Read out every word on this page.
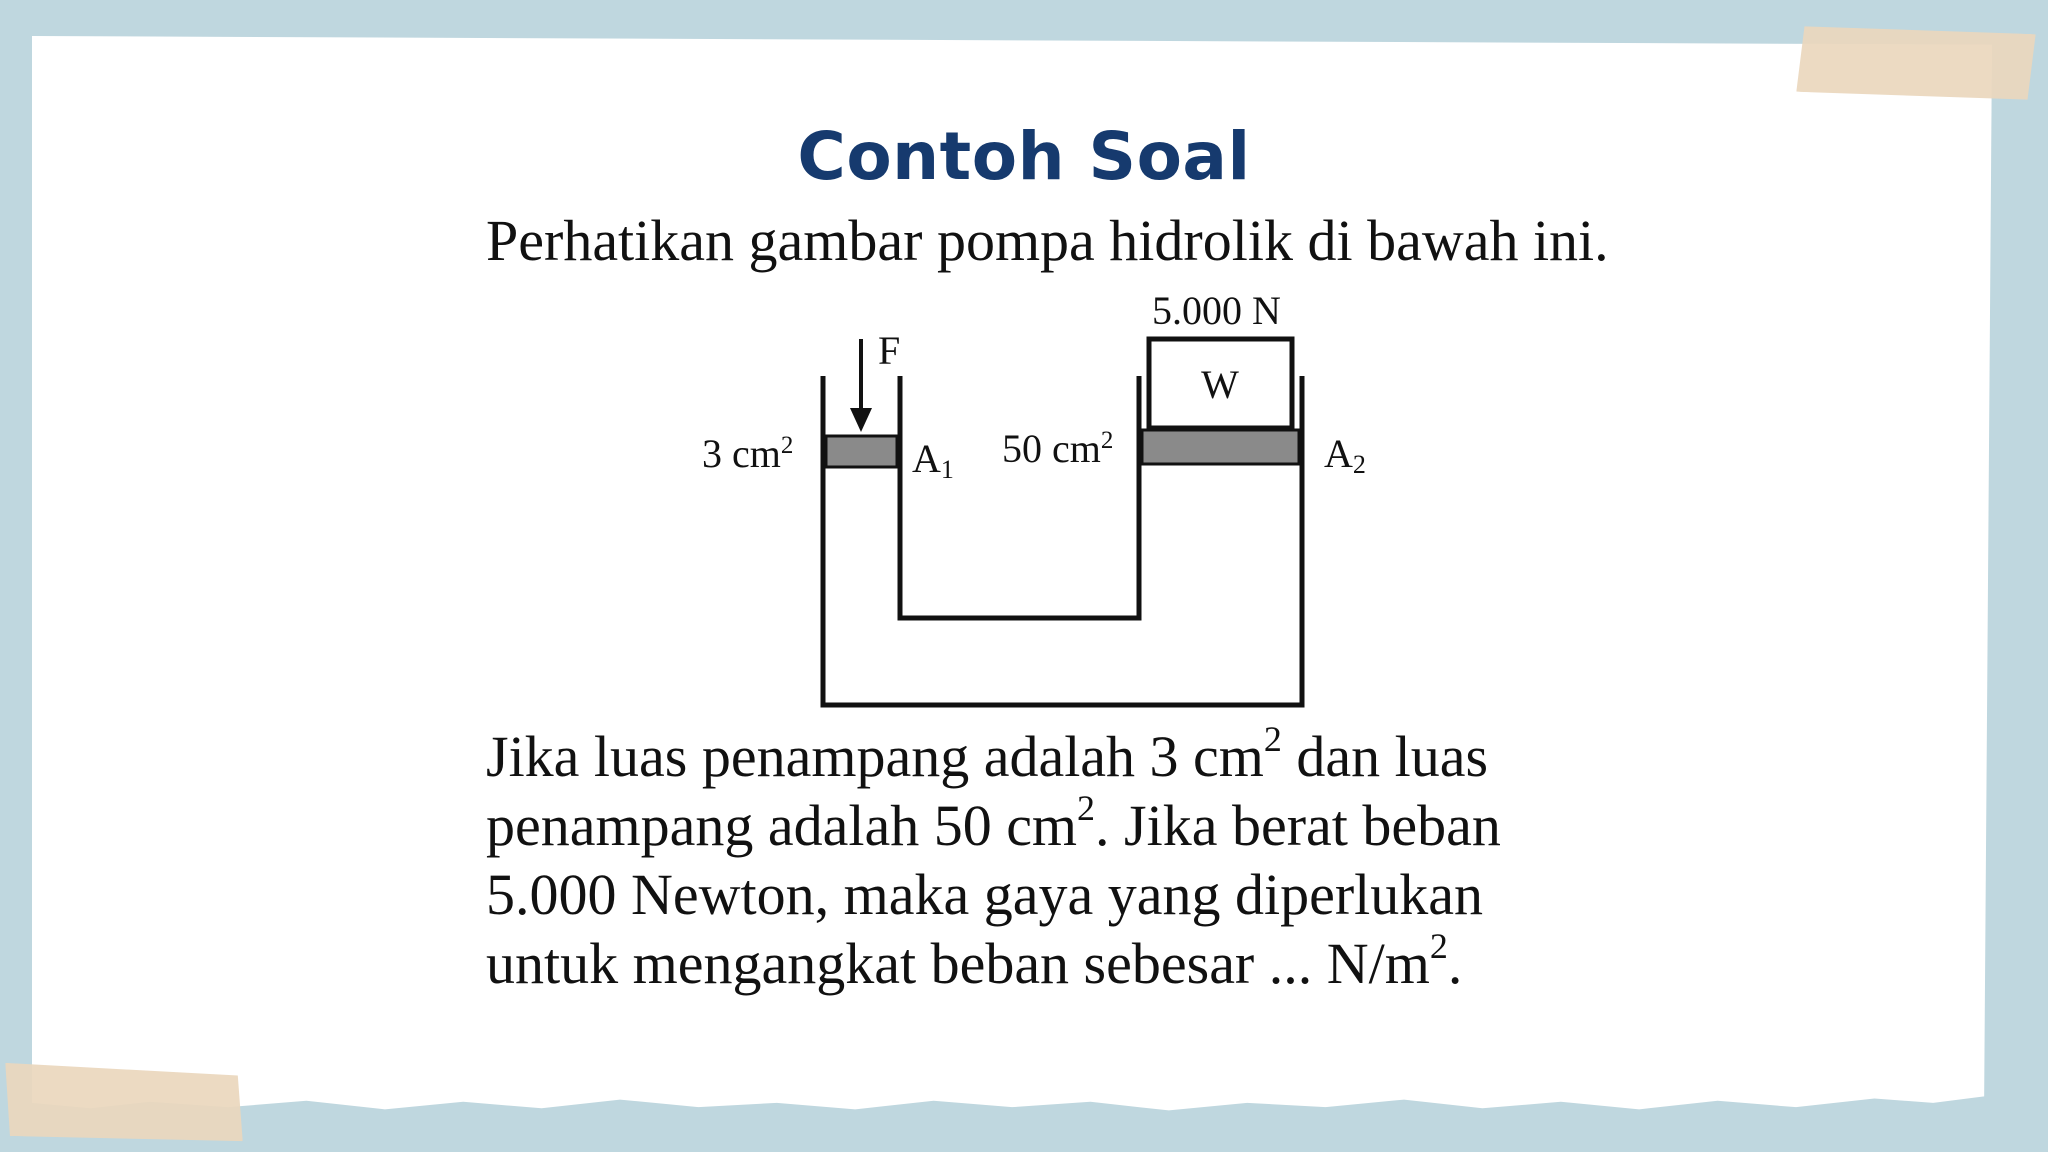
Contoh Soal
Perhatikan gambar pompa hidrolik di bawah ini.
F
5.000 N
W
3 $cm^2$	A1 50 $cm^2$	A2
Jika luas penampang adalah 3 $cm^2$ dan luas
penampang adalah 50 $cm^2$. Jika berat beban
5.000 Newton, maka gaya yang diperlukan
untuk mengangkat beban sebesar ... $N/m^2$.
